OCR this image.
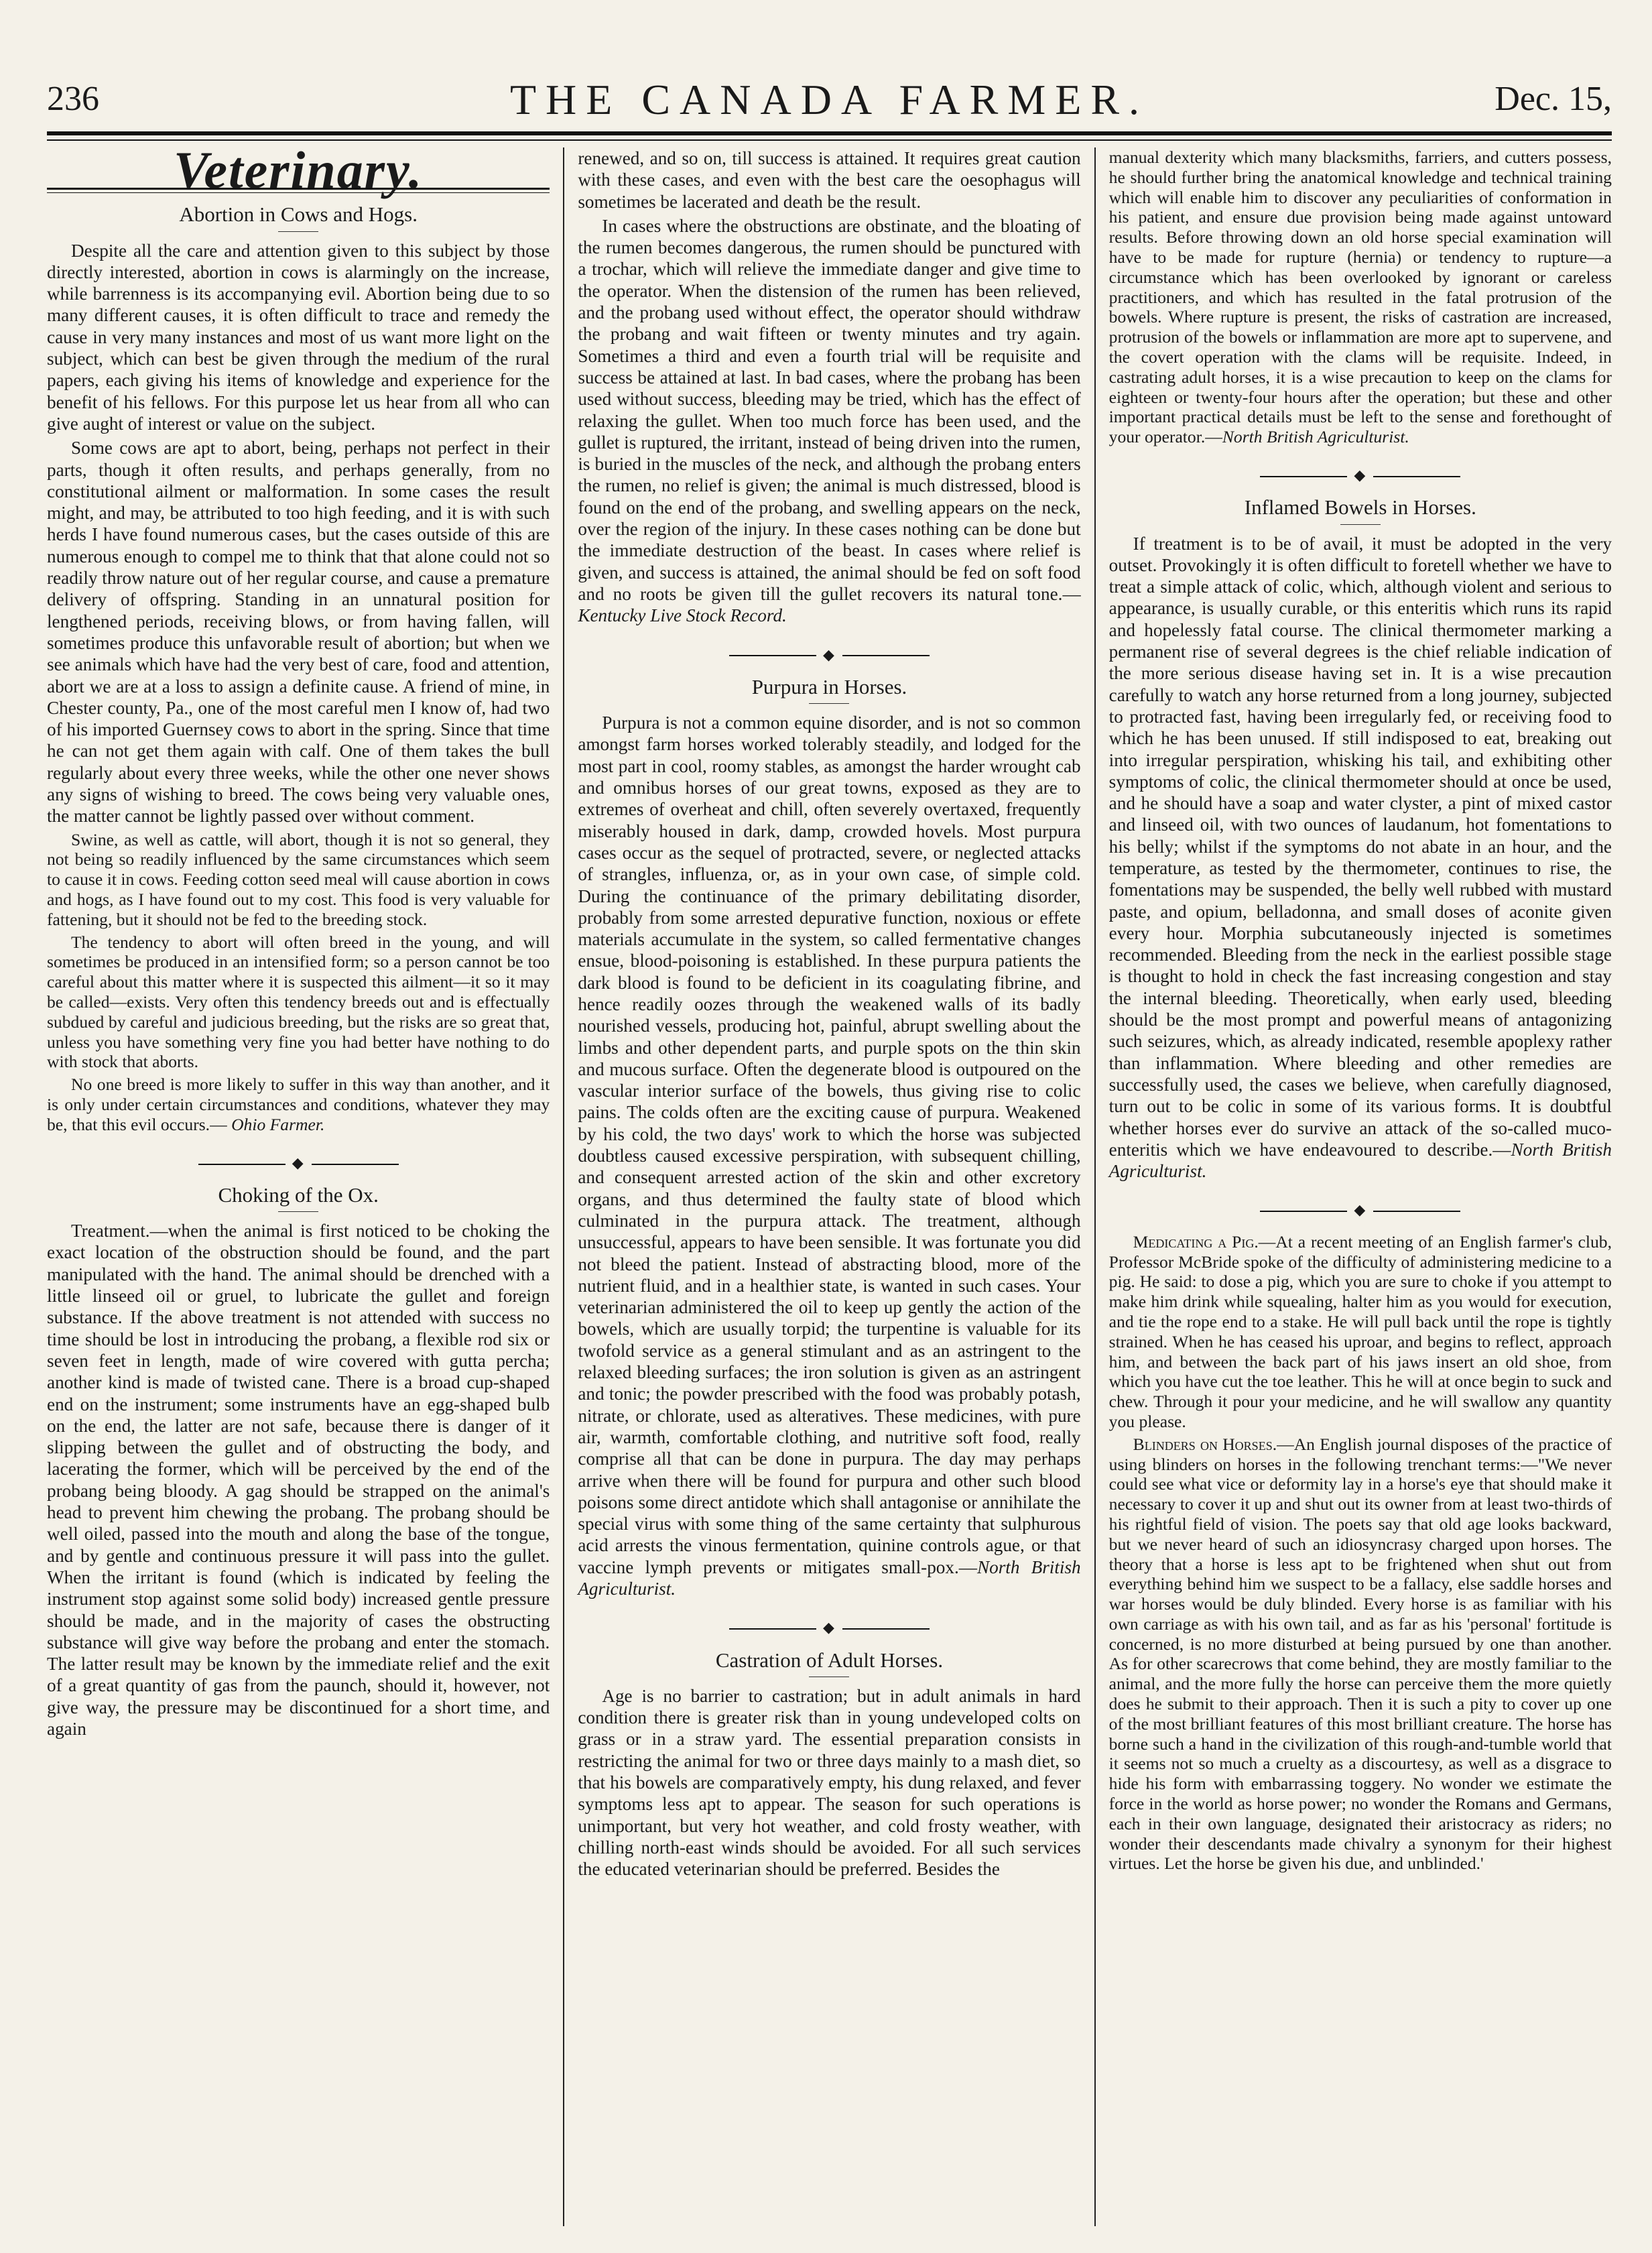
236	THE CANADA FARMER.	Dec. 15,
Veterinary.
Abortion in Cows and Hogs.

Despite all the care and attention given to this subject by those directly interested, abortion in cows is alarmingly on the increase, while barrenness is its accompanying evil. Abortion being due to so many different causes, it is often difficult to trace and remedy the cause in very many instances and most of us want more light on the subject, which can best be given through the medium of the rural papers, each giving his items of knowledge and experience for the benefit of his fellows. For this purpose let us hear from all who can give aught of interest or value on the subject.

Some cows are apt to abort, being, perhaps not perfect in their parts, though it often results, and perhaps generally, from no constitutional ailment or malformation. In some cases the result might, and may, be attributed to too high feeding, and it is with such herds I have found numerous cases, but the cases outside of this are numerous enough to compel me to think that that alone could not so readily throw nature out of her regular course, and cause a premature delivery of offspring. Standing in an unnatural position for lengthened periods, receiving blows, or from having fallen, will sometimes produce this unfavorable result of abortion; but when we see animals which have had the very best of care, food and attention, abort we are at a loss to assign a definite cause. A friend of mine, in Chester county, Pa., one of the most careful men I know of, had two of his imported Guernsey cows to abort in the spring. Since that time he can not get them again with calf. One of them takes the bull regularly about every three weeks, while the other one never shows any signs of wishing to breed. The cows being very valuable ones, the matter cannot be lightly passed over without comment.

Swine, as well as cattle, will abort, though it is not so general, they not being so readily influenced by the same circumstances which seem to cause it in cows. Feeding cotton seed meal will cause abortion in cows and hogs, as I have found out to my cost. This food is very valuable for fattening, but it should not be fed to the breeding stock.

The tendency to abort will often breed in the young, and will sometimes be produced in an intensified form; so a person cannot be too careful about this matter where it is suspected this ailment—it so it may be called—exists. Very often this tendency breeds out and is effectually subdued by careful and judicious breeding, but the risks are so great that, unless you have something very fine you had better have nothing to do with stock that aborts.

No one breed is more likely to suffer in this way than another, and it is only under certain circumstances and conditions, whatever they may be, that this evil occurs.— Ohio Farmer.

◆
Choking of the Ox.

Treatment.—when the animal is first noticed to be choking the exact location of the obstruction should be found, and the part manipulated with the hand. The animal should be drenched with a little linseed oil or gruel, to lubricate the gullet and foreign substance. If the above treatment is not attended with success no time should be lost in introducing the probang, a flexible rod six or seven feet in length, made of wire covered with gutta percha; another kind is made of twisted cane. There is a broad cup-shaped end on the instrument; some instruments have an egg-shaped bulb on the end, the latter are not safe, because there is danger of it slipping between the gullet and of obstructing the body, and lacerating the former, which will be perceived by the end of the probang being bloody. A gag should be strapped on the animal's head to prevent him chewing the probang. The probang should be well oiled, passed into the mouth and along the base of the tongue, and by gentle and continuous pressure it will pass into the gullet. When the irritant is found (which is indicated by feeling the instrument stop against some solid body) increased gentle pressure should be made, and in the majority of cases the obstructing substance will give way before the probang and enter the stomach. The latter result may be known by the immediate relief and the exit of a great quantity of gas from the paunch, should it, however, not give way, the pressure may be discontinued for a short time, and again

renewed, and so on, till success is attained. It requires great caution with these cases, and even with the best care the oesophagus will sometimes be lacerated and death be the result.

In cases where the obstructions are obstinate, and the bloating of the rumen becomes dangerous, the rumen should be punctured with a trochar, which will relieve the immediate danger and give time to the operator. When the distension of the rumen has been relieved, and the probang used without effect, the operator should withdraw the probang and wait fifteen or twenty minutes and try again. Sometimes a third and even a fourth trial will be requisite and success be attained at last. In bad cases, where the probang has been used without success, bleeding may be tried, which has the effect of relaxing the gullet. When too much force has been used, and the gullet is ruptured, the irritant, instead of being driven into the rumen, is buried in the muscles of the neck, and although the probang enters the rumen, no relief is given; the animal is much distressed, blood is found on the end of the probang, and swelling appears on the neck, over the region of the injury. In these cases nothing can be done but the immediate destruction of the beast. In cases where relief is given, and success is attained, the animal should be fed on soft food and no roots be given till the gullet recovers its natural tone.—Kentucky Live Stock Record.

◆
Purpura in Horses.

Purpura is not a common equine disorder, and is not so common amongst farm horses worked tolerably steadily, and lodged for the most part in cool, roomy stables, as amongst the harder wrought cab and omnibus horses of our great towns, exposed as they are to extremes of overheat and chill, often severely overtaxed, frequently miserably housed in dark, damp, crowded hovels. Most purpura cases occur as the sequel of protracted, severe, or neglected attacks of strangles, influenza, or, as in your own case, of simple cold. During the continuance of the primary debilitating disorder, probably from some arrested depurative function, noxious or effete materials accumulate in the system, so called fermentative changes ensue, blood-poisoning is established. In these purpura patients the dark blood is found to be deficient in its coagulating fibrine, and hence readily oozes through the weakened walls of its badly nourished vessels, producing hot, painful, abrupt swelling about the limbs and other dependent parts, and purple spots on the thin skin and mucous surface. Often the degenerate blood is outpoured on the vascular interior surface of the bowels, thus giving rise to colic pains. The colds often are the exciting cause of purpura. Weakened by his cold, the two days' work to which the horse was subjected doubtless caused excessive perspiration, with subsequent chilling, and consequent arrested action of the skin and other excretory organs, and thus determined the faulty state of blood which culminated in the purpura attack. The treatment, although unsuccessful, appears to have been sensible. It was fortunate you did not bleed the patient. Instead of abstracting blood, more of the nutrient fluid, and in a healthier state, is wanted in such cases. Your veterinarian administered the oil to keep up gently the action of the bowels, which are usually torpid; the turpentine is valuable for its twofold service as a general stimulant and as an astringent to the relaxed bleeding surfaces; the iron solution is given as an astringent and tonic; the powder prescribed with the food was probably potash, nitrate, or chlorate, used as alteratives. These medicines, with pure air, warmth, comfortable clothing, and nutritive soft food, really comprise all that can be done in purpura. The day may perhaps arrive when there will be found for purpura and other such blood poisons some direct antidote which shall antagonise or annihilate the special virus with some thing of the same certainty that sulphurous acid arrests the vinous fermentation, quinine controls ague, or that vaccine lymph prevents or mitigates small-pox.—North British Agriculturist.

◆
Castration of Adult Horses.

Age is no barrier to castration; but in adult animals in hard condition there is greater risk than in young undeveloped colts on grass or in a straw yard. The essential preparation consists in restricting the animal for two or three days mainly to a mash diet, so that his bowels are comparatively empty, his dung relaxed, and fever symptoms less apt to appear. The season for such operations is unimportant, but very hot weather, and cold frosty weather, with chilling north-east winds should be avoided. For all such services the educated veterinarian should be preferred. Besides the

manual dexterity which many blacksmiths, farriers, and cutters possess, he should further bring the anatomical knowledge and technical training which will enable him to discover any peculiarities of conformation in his patient, and ensure due provision being made against untoward results. Before throwing down an old horse special examination will have to be made for rupture (hernia) or tendency to rupture—a circumstance which has been overlooked by ignorant or careless practitioners, and which has resulted in the fatal protrusion of the bowels. Where rupture is present, the risks of castration are increased, protrusion of the bowels or inflammation are more apt to supervene, and the covert operation with the clams will be requisite. Indeed, in castrating adult horses, it is a wise precaution to keep on the clams for eighteen or twenty-four hours after the operation; but these and other important practical details must be left to the sense and forethought of your operator.—North British Agriculturist.

◆
Inflamed Bowels in Horses.

If treatment is to be of avail, it must be adopted in the very outset. Provokingly it is often difficult to foretell whether we have to treat a simple attack of colic, which, although violent and serious to appearance, is usually curable, or this enteritis which runs its rapid and hopelessly fatal course. The clinical thermometer marking a permanent rise of several degrees is the chief reliable indication of the more serious disease having set in. It is a wise precaution carefully to watch any horse returned from a long journey, subjected to protracted fast, having been irregularly fed, or receiving food to which he has been unused. If still indisposed to eat, breaking out into irregular perspiration, whisking his tail, and exhibiting other symptoms of colic, the clinical thermometer should at once be used, and he should have a soap and water clyster, a pint of mixed castor and linseed oil, with two ounces of laudanum, hot fomentations to his belly; whilst if the symptoms do not abate in an hour, and the temperature, as tested by the thermometer, continues to rise, the fomentations may be suspended, the belly well rubbed with mustard paste, and opium, belladonna, and small doses of aconite given every hour. Morphia subcutaneously injected is sometimes recommended. Bleeding from the neck in the earliest possible stage is thought to hold in check the fast increasing congestion and stay the internal bleeding. Theoretically, when early used, bleeding should be the most prompt and powerful means of antagonizing such seizures, which, as already indicated, resemble apoplexy rather than inflammation. Where bleeding and other remedies are successfully used, the cases we believe, when carefully diagnosed, turn out to be colic in some of its various forms. It is doubtful whether horses ever do survive an attack of the so-called muco-enteritis which we have endeavoured to describe.—North British Agriculturist.

◆

Medicating a Pig.—At a recent meeting of an English farmer's club, Professor McBride spoke of the difficulty of administering medicine to a pig. He said: to dose a pig, which you are sure to choke if you attempt to make him drink while squealing, halter him as you would for execution, and tie the rope end to a stake. He will pull back until the rope is tightly strained. When he has ceased his uproar, and begins to reflect, approach him, and between the back part of his jaws insert an old shoe, from which you have cut the toe leather. This he will at once begin to suck and chew. Through it pour your medicine, and he will swallow any quantity you please.

Blinders on Horses.—An English journal disposes of the practice of using blinders on horses in the following trenchant terms:—"We never could see what vice or deformity lay in a horse's eye that should make it necessary to cover it up and shut out its owner from at least two-thirds of his rightful field of vision. The poets say that old age looks backward, but we never heard of such an idiosyncrasy charged upon horses. The theory that a horse is less apt to be frightened when shut out from everything behind him we suspect to be a fallacy, else saddle horses and war horses would be duly blinded. Every horse is as familiar with his own carriage as with his own tail, and as far as his 'personal' fortitude is concerned, is no more disturbed at being pursued by one than another. As for other scarecrows that come behind, they are mostly familiar to the animal, and the more fully the horse can perceive them the more quietly does he submit to their approach. Then it is such a pity to cover up one of the most brilliant features of this most brilliant creature. The horse has borne such a hand in the civilization of this rough-and-tumble world that it seems not so much a cruelty as a discourtesy, as well as a disgrace to hide his form with embarrassing toggery. No wonder we estimate the force in the world as horse power; no wonder the Romans and Germans, each in their own language, designated their aristocracy as riders; no wonder their descendants made chivalry a synonym for their highest virtues. Let the horse be given his due, and unblinded.'
